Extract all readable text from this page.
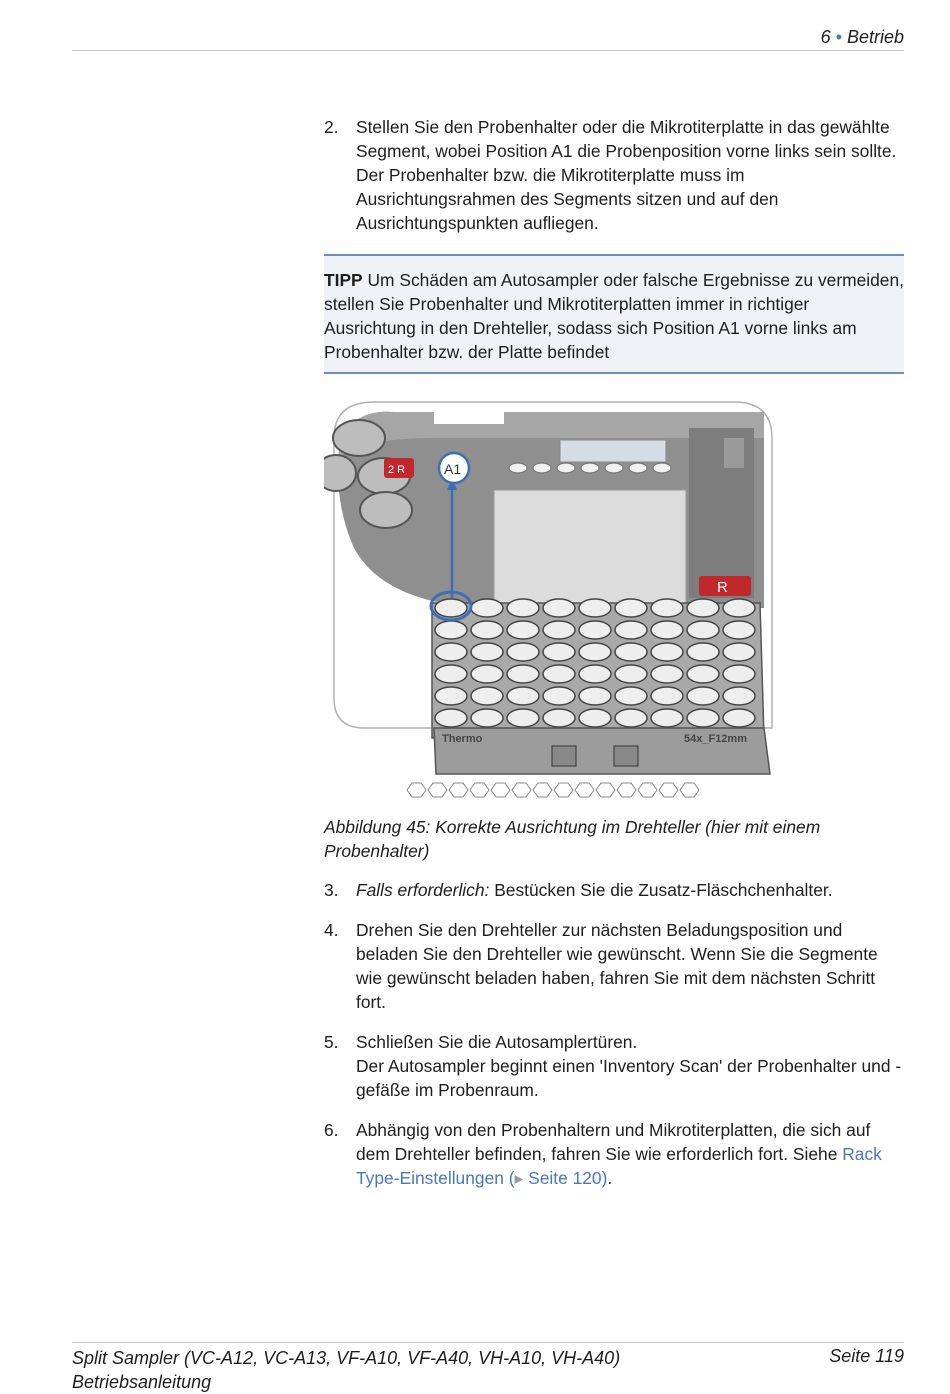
6 • Betrieb
2.	Stellen Sie den Probenhalter oder die Mikrotiterplatte in das gewählte Segment, wobei Position A1 die Probenposition vorne links sein sollte. Der Probenhalter bzw. die Mikrotiterplatte muss im Ausrichtungsrahmen des Segments sitzen und auf den Ausrichtungspunkten aufliegen.
TIPP Um Schäden am Autosampler oder falsche Ergebnisse zu vermeiden, stellen Sie Probenhalter und Mikrotiterplatten immer in richtiger Ausrichtung in den Drehteller, sodass sich Position A1 vorne links am Probenhalter bzw. der Platte befindet
2 R
R
A1
Thermo	54x_F12mm
Abbildung 45: Korrekte Ausrichtung im Drehteller (hier mit einem Probenhalter)
3.	Falls erforderlich: Bestücken Sie die Zusatz-Fläschchenhalter.
4.	Drehen Sie den Drehteller zur nächsten Beladungsposition und beladen Sie den Drehteller wie gewünscht. Wenn Sie die Segmente wie gewünscht beladen haben, fahren Sie mit dem nächsten Schritt fort.
5.	Schließen Sie die Autosamplertüren.
Der Autosampler beginnt einen 'Inventory Scan' der Probenhalter und -gefäße im Probenraum.
6.	Abhängig von den Probenhaltern und Mikrotiterplatten, die sich auf dem Drehteller befinden, fahren Sie wie erforderlich fort. Siehe Rack Type-Einstellungen (▸ Seite 120).
Split Sampler (VC-A12, VC-A13, VF-A10, VF-A40, VH-A10, VH-A40)
Betriebsanleitung
Seite 119
